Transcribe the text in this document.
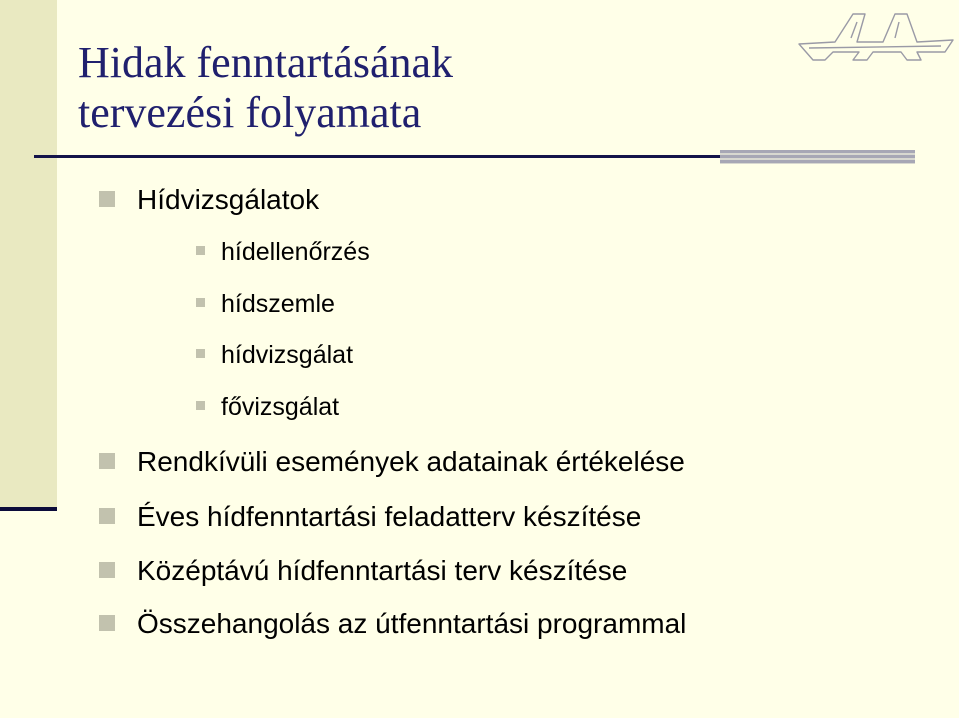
Hidak fenntartásának
tervezési folyamata
Hídvizsgálatok
hídellenőrzés
hídszemle
hídvizsgálat
fővizsgálat
Rendkívüli események adatainak értékelése
Éves hídfenntartási feladatterv készítése
Középtávú hídfenntartási terv készítése
Összehangolás az útfenntartási programmal
